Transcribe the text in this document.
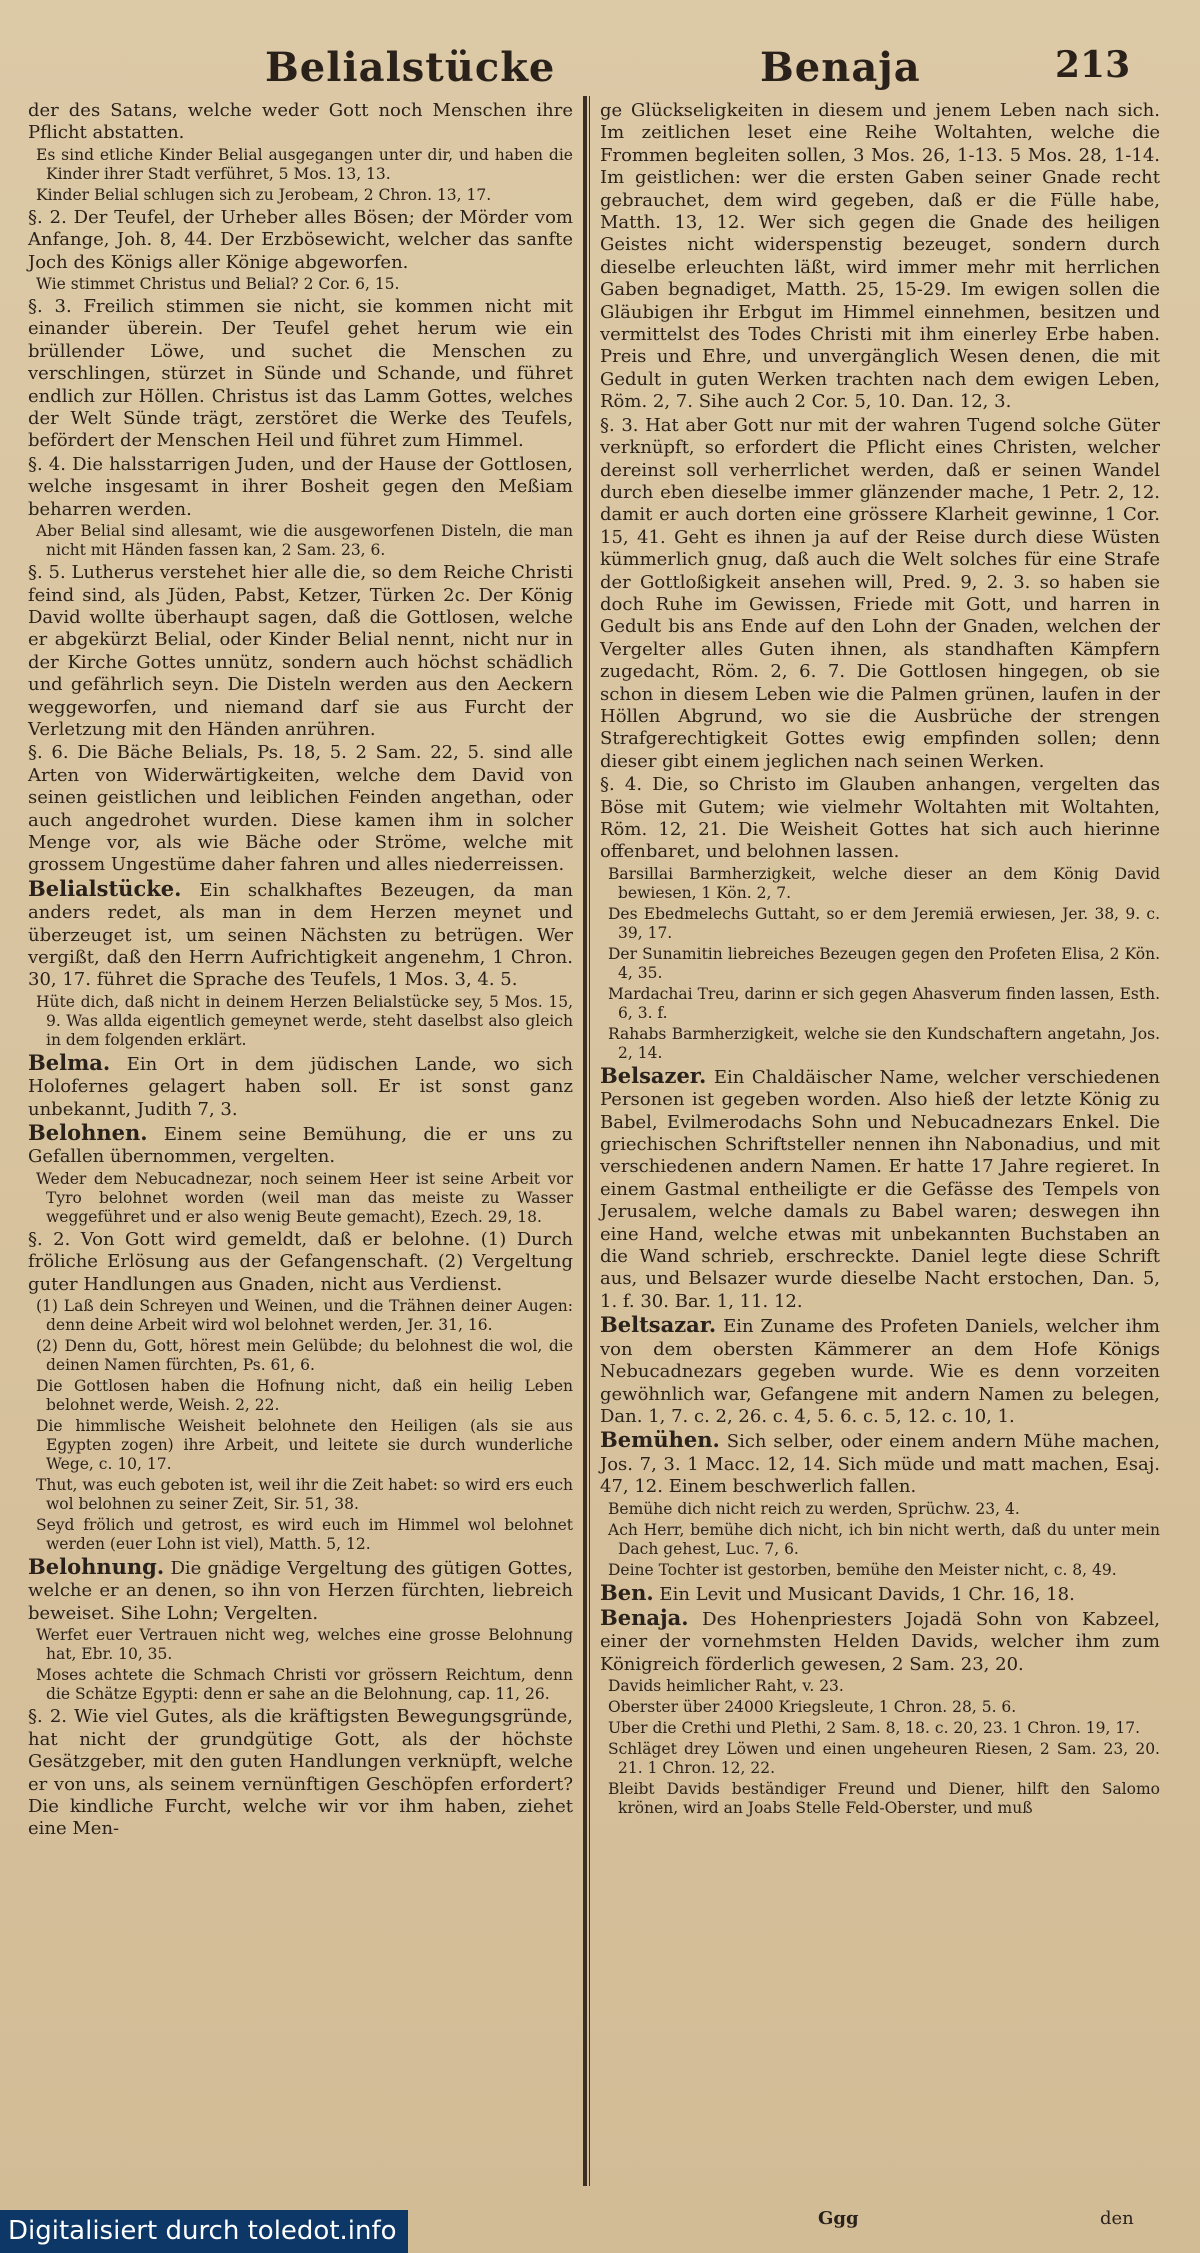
Belialstücke	Benaja	213

der des Satans, welche weder Gott noch Menschen ihre Pflicht abstatten.

Es sind etliche Kinder Belial ausgegangen unter dir, und haben die Kinder ihrer Stadt verführet, 5 Mos. 13, 13.

Kinder Belial schlugen sich zu Jerobeam, 2 Chron. 13, 17.

§. 2. Der Teufel, der Urheber alles Bösen; der Mörder vom Anfange, Joh. 8, 44. Der Erzbösewicht, welcher das sanfte Joch des Königs aller Könige abgeworfen.

Wie stimmet Christus und Belial? 2 Cor. 6, 15.

§. 3. Freilich stimmen sie nicht, sie kommen nicht mit einander überein. Der Teufel gehet herum wie ein brüllender Löwe, und suchet die Menschen zu verschlingen, stürzet in Sünde und Schande, und führet endlich zur Höllen. Christus ist das Lamm Gottes, welches der Welt Sünde trägt, zerstöret die Werke des Teufels, befördert der Menschen Heil und führet zum Himmel.

§. 4. Die halsstarrigen Juden, und der Hause der Gottlosen, welche insgesamt in ihrer Bosheit gegen den Meßiam beharren werden.

Aber Belial sind allesamt, wie die ausgeworfenen Disteln, die man nicht mit Händen fassen kan, 2 Sam. 23, 6.

§. 5. Lutherus verstehet hier alle die, so dem Reiche Christi feind sind, als Jüden, Pabst, Ketzer, Türken 2c. Der König David wollte überhaupt sagen, daß die Gottlosen, welche er abgekürzt Belial, oder Kinder Belial nennt, nicht nur in der Kirche Gottes unnütz, sondern auch höchst schädlich und gefährlich seyn. Die Disteln werden aus den Aeckern weggeworfen, und niemand darf sie aus Furcht der Verletzung mit den Händen anrühren.

§. 6. Die Bäche Belials, Ps. 18, 5. 2 Sam. 22, 5. sind alle Arten von Widerwärtigkeiten, welche dem David von seinen geistlichen und leiblichen Feinden angethan, oder auch angedrohet wurden. Diese kamen ihm in solcher Menge vor, als wie Bäche oder Ströme, welche mit grossem Ungestüme daher fahren und alles niederreissen.

Belialstücke. Ein schalkhaftes Bezeugen, da man anders redet, als man in dem Herzen meynet und überzeuget ist, um seinen Nächsten zu betrügen. Wer vergißt, daß den Herrn Aufrichtigkeit angenehm, 1 Chron. 30, 17. führet die Sprache des Teufels, 1 Mos. 3, 4. 5.

Hüte dich, daß nicht in deinem Herzen Belialstücke sey, 5 Mos. 15, 9. Was allda eigentlich gemeynet werde, steht daselbst also gleich in dem folgenden erklärt.

Belma. Ein Ort in dem jüdischen Lande, wo sich Holofernes gelagert haben soll. Er ist sonst ganz unbekannt, Judith 7, 3.

Belohnen. Einem seine Bemühung, die er uns zu Gefallen übernommen, vergelten.

Weder dem Nebucadnezar, noch seinem Heer ist seine Arbeit vor Tyro belohnet worden (weil man das meiste zu Wasser weggeführet und er also wenig Beute gemacht), Ezech. 29, 18.

§. 2. Von Gott wird gemeldt, daß er belohne. (1) Durch fröliche Erlösung aus der Gefangenschaft. (2) Vergeltung guter Handlungen aus Gnaden, nicht aus Verdienst.

(1) Laß dein Schreyen und Weinen, und die Trähnen deiner Augen: denn deine Arbeit wird wol belohnet werden, Jer. 31, 16.

(2) Denn du, Gott, hörest mein Gelübde; du belohnest die wol, die deinen Namen fürchten, Ps. 61, 6.

Die Gottlosen haben die Hofnung nicht, daß ein heilig Leben belohnet werde, Weish. 2, 22.

Die himmlische Weisheit belohnete den Heiligen (als sie aus Egypten zogen) ihre Arbeit, und leitete sie durch wunderliche Wege, c. 10, 17.

Thut, was euch geboten ist, weil ihr die Zeit habet: so wird ers euch wol belohnen zu seiner Zeit, Sir. 51, 38.

Seyd frölich und getrost, es wird euch im Himmel wol belohnet werden (euer Lohn ist viel), Matth. 5, 12.

Belohnung. Die gnädige Vergeltung des gütigen Gottes, welche er an denen, so ihn von Herzen fürchten, liebreich beweiset. Sihe Lohn; Vergelten.

Werfet euer Vertrauen nicht weg, welches eine grosse Belohnung hat, Ebr. 10, 35.

Moses achtete die Schmach Christi vor grössern Reichtum, denn die Schätze Egypti: denn er sahe an die Belohnung, cap. 11, 26.

§. 2. Wie viel Gutes, als die kräftigsten Bewegungsgründe, hat nicht der grundgütige Gott, als der höchste Gesätzgeber, mit den guten Handlungen verknüpft, welche er von uns, als seinem vernünftigen Geschöpfen erfordert? Die kindliche Furcht, welche wir vor ihm haben, ziehet eine Men-

ge Glückseligkeiten in diesem und jenem Leben nach sich. Im zeitlichen leset eine Reihe Woltahten, welche die Frommen begleiten sollen, 3 Mos. 26, 1-13. 5 Mos. 28, 1-14. Im geistlichen: wer die ersten Gaben seiner Gnade recht gebrauchet, dem wird gegeben, daß er die Fülle habe, Matth. 13, 12. Wer sich gegen die Gnade des heiligen Geistes nicht widerspenstig bezeuget, sondern durch dieselbe erleuchten läßt, wird immer mehr mit herrlichen Gaben begnadiget, Matth. 25, 15-29. Im ewigen sollen die Gläubigen ihr Erbgut im Himmel einnehmen, besitzen und vermittelst des Todes Christi mit ihm einerley Erbe haben. Preis und Ehre, und unvergänglich Wesen denen, die mit Gedult in guten Werken trachten nach dem ewigen Leben, Röm. 2, 7. Sihe auch 2 Cor. 5, 10. Dan. 12, 3.

§. 3. Hat aber Gott nur mit der wahren Tugend solche Güter verknüpft, so erfordert die Pflicht eines Christen, welcher dereinst soll verherrlichet werden, daß er seinen Wandel durch eben dieselbe immer glänzender mache, 1 Petr. 2, 12. damit er auch dorten eine grössere Klarheit gewinne, 1 Cor. 15, 41. Geht es ihnen ja auf der Reise durch diese Wüsten kümmerlich gnug, daß auch die Welt solches für eine Strafe der Gottloßigkeit ansehen will, Pred. 9, 2. 3. so haben sie doch Ruhe im Gewissen, Friede mit Gott, und harren in Gedult bis ans Ende auf den Lohn der Gnaden, welchen der Vergelter alles Guten ihnen, als standhaften Kämpfern zugedacht, Röm. 2, 6. 7. Die Gottlosen hingegen, ob sie schon in diesem Leben wie die Palmen grünen, laufen in der Höllen Abgrund, wo sie die Ausbrüche der strengen Strafgerechtigkeit Gottes ewig empfinden sollen; denn dieser gibt einem jeglichen nach seinen Werken.

§. 4. Die, so Christo im Glauben anhangen, vergelten das Böse mit Gutem; wie vielmehr Woltahten mit Woltahten, Röm. 12, 21. Die Weisheit Gottes hat sich auch hierinne offenbaret, und belohnen lassen.

Barsillai Barmherzigkeit, welche dieser an dem König David bewiesen, 1 Kön. 2, 7.

Des Ebedmelechs Guttaht, so er dem Jeremiä erwiesen, Jer. 38, 9. c. 39, 17.

Der Sunamitin liebreiches Bezeugen gegen den Profeten Elisa, 2 Kön. 4, 35.

Mardachai Treu, darinn er sich gegen Ahasverum finden lassen, Esth. 6, 3. f.

Rahabs Barmherzigkeit, welche sie den Kundschaftern angetahn, Jos. 2, 14.

Belsazer. Ein Chaldäischer Name, welcher verschiedenen Personen ist gegeben worden. Also hieß der letzte König zu Babel, Evilmerodachs Sohn und Nebucadnezars Enkel. Die griechischen Schriftsteller nennen ihn Nabonadius, und mit verschiedenen andern Namen. Er hatte 17 Jahre regieret. In einem Gastmal entheiligte er die Gefässe des Tempels von Jerusalem, welche damals zu Babel waren; deswegen ihn eine Hand, welche etwas mit unbekannten Buchstaben an die Wand schrieb, erschreckte. Daniel legte diese Schrift aus, und Belsazer wurde dieselbe Nacht erstochen, Dan. 5, 1. f. 30. Bar. 1, 11. 12.

Beltsazar. Ein Zuname des Profeten Daniels, welcher ihm von dem obersten Kämmerer an dem Hofe Königs Nebucadnezars gegeben wurde. Wie es denn vorzeiten gewöhnlich war, Gefangene mit andern Namen zu belegen, Dan. 1, 7. c. 2, 26. c. 4, 5. 6. c. 5, 12. c. 10, 1.

Bemühen. Sich selber, oder einem andern Mühe machen, Jos. 7, 3. 1 Macc. 12, 14. Sich müde und matt machen, Esaj. 47, 12. Einem beschwerlich fallen.

Bemühe dich nicht reich zu werden, Sprüchw. 23, 4.

Ach Herr, bemühe dich nicht, ich bin nicht werth, daß du unter mein Dach gehest, Luc. 7, 6.

Deine Tochter ist gestorben, bemühe den Meister nicht, c. 8, 49.

Ben. Ein Levit und Musicant Davids, 1 Chr. 16, 18.

Benaja. Des Hohenpriesters Jojadä Sohn von Kabzeel, einer der vornehmsten Helden Davids, welcher ihm zum Königreich förderlich gewesen, 2 Sam. 23, 20.

Davids heimlicher Raht, v. 23.

Oberster über 24000 Kriegsleute, 1 Chron. 28, 5. 6.

Uber die Crethi und Plethi, 2 Sam. 8, 18. c. 20, 23. 1 Chron. 19, 17.

Schläget drey Löwen und einen ungeheuren Riesen, 2 Sam. 23, 20. 21. 1 Chron. 12, 22.

Bleibt Davids beständiger Freund und Diener, hilft den Salomo krönen, wird an Joabs Stelle Feld-Oberster, und muß

Ggg	den
Digitalisiert durch toledot.info
